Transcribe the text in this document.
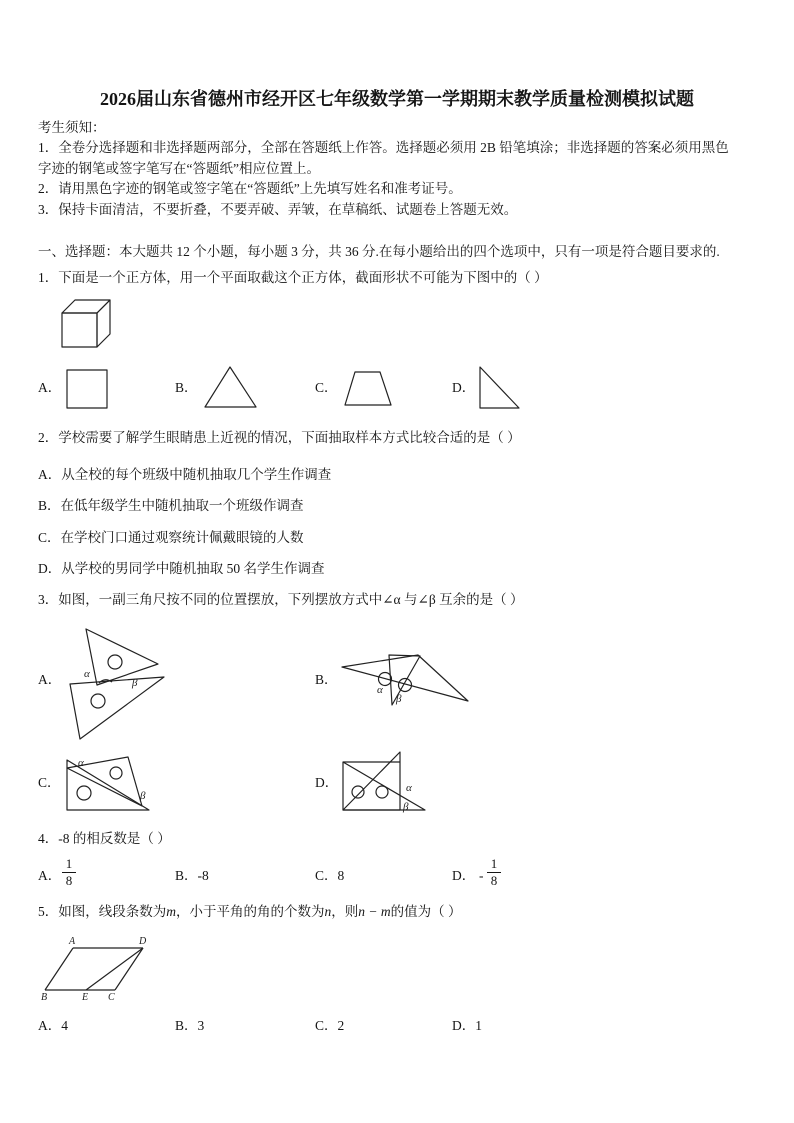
α
β
α
β
α
β
α
β
A	D
B	E C
2026届山东省德州市经开区七年级数学第一学期期末教学质量检测模拟试题
考生须知：
1．全卷分选择题和非选择题两部分，全部在答题纸上作答。选择题必须用 2B 铅笔填涂；非选择题的答案必须用黑色
字迹的钢笔或签字笔写在“答题纸”相应位置上。
2．请用黑色字迹的钢笔或签字笔在“答题纸”上先填写姓名和准考证号。
3．保持卡面清洁，不要折叠，不要弄破、弄皱，在草稿纸、试题卷上答题无效。
一、选择题：本大题共 12 个小题，每小题 3 分，共 36 分.在每小题给出的四个选项中，只有一项是符合题目要求的.
1．下面是一个正方体，用一个平面取截这个正方体，截面形状不可能为下图中的（ ）
A．	B．	C．	D．
2．学校需要了解学生眼睛患上近视的情况，下面抽取样本方式比较合适的是（ ）
A．从全校的每个班级中随机抽取几个学生作调查
B．在低年级学生中随机抽取一个班级作调查
C．在学校门口通过观察统计佩戴眼镜的人数
D．从学校的男同学中随机抽取 50 名学生作调查
3．如图，一副三角尺按不同的位置摆放，下列摆放方式中∠α 与∠β 互余的是（ ）
A．	B．
C．	D．
4．-8 的相反数是（ ）
A．
1
8	B．-8	C．8	D． -
1
8
5．如图，线段条数为m，小于平角的角的个数为n，则n − m的值为（ ）
A．4	B．3	C．2	D．1
